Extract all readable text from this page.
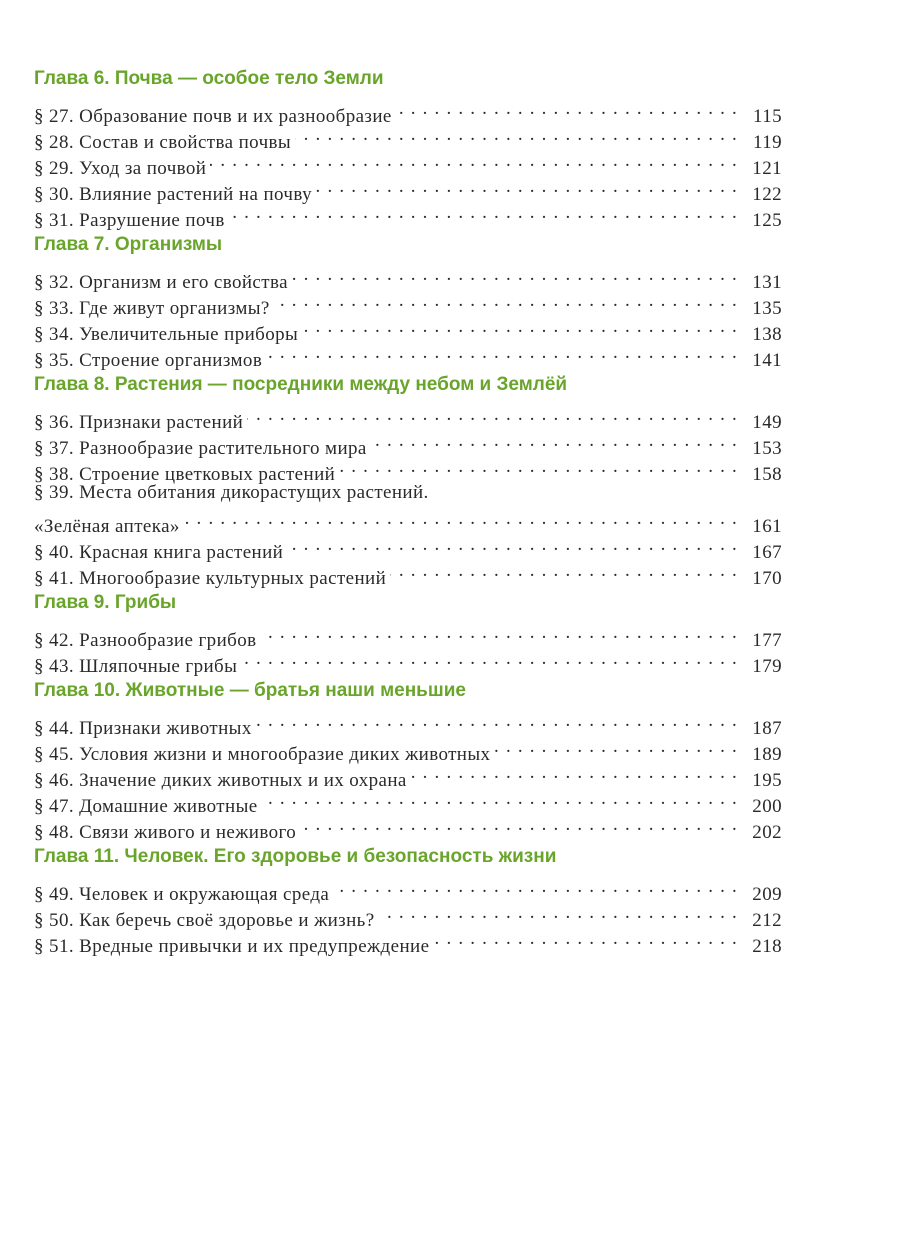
Глава 6. Почва — особое тело Земли
§ 27. Образование почв и их разнообразие . . .	115
§ 28. Состав и свойства почвы . . .	119
§ 29. Уход за почвой . . .	121
§ 30. Влияние растений на почву . . .	122
§ 31. Разрушение почв . . .	125
Глава 7. Организмы
§ 32. Организм и его свойства . . .	131
§ 33. Где живут организмы? . . .	135
§ 34. Увеличительные приборы . . .	138
§ 35. Строение организмов . . .	141
Глава 8. Растения — посредники между небом и Землёй
§ 36. Признаки растений . . .	149
§ 37. Разнообразие растительного мира . . .	153
§ 38. Строение цветковых растений . . .	158
§ 39. Места обитания дикорастущих растений.
«Зелёная аптека» . . .	161
§ 40. Красная книга растений . . .	167
§ 41. Многообразие культурных растений . . .	170
Глава 9. Грибы
§ 42. Разнообразие грибов . . .	177
§ 43. Шляпочные грибы . . .	179
Глава 10. Животные — братья наши меньшие
§ 44. Признаки животных . . .	187
§ 45. Условия жизни и многообразие диких животных . . .	189
§ 46. Значение диких животных и их охрана . . .	195
§ 47. Домашние животные . . .	200
§ 48. Связи живого и неживого . . .	202
Глава 11. Человек. Его здоровье и безопасность жизни
§ 49. Человек и окружающая среда . . .	209
§ 50. Как беречь своё здоровье и жизнь? . . .	212
§ 51. Вредные привычки и их предупреждение . . .	218
